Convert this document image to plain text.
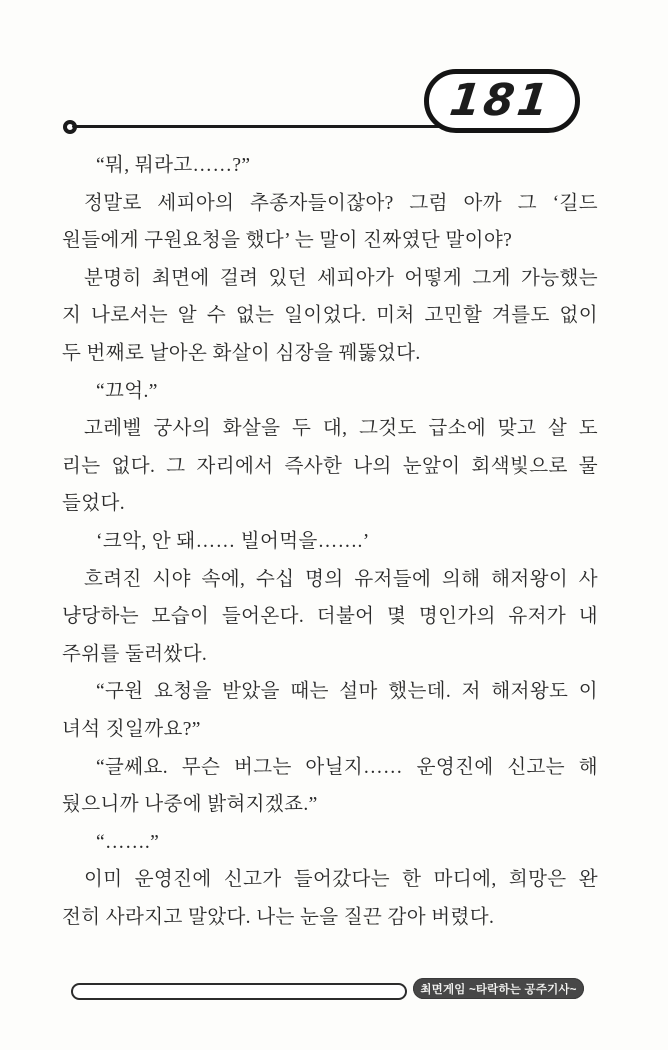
181
“뭐, 뭐라고……?”
정말로 세피아의 추종자들이잖아? 그럼 아까 그 ‘길드
원들에게 구원요청을 했다’ 는 말이 진짜였단 말이야?
분명히 최면에 걸려 있던 세피아가 어떻게 그게 가능했는
지 나로서는 알 수 없는 일이었다. 미처 고민할 겨를도 없이
두 번째로 날아온 화살이 심장을 꿰뚫었다.
“끄억.”
고레벨 궁사의 화살을 두 대, 그것도 급소에 맞고 살 도
리는 없다. 그 자리에서 즉사한 나의 눈앞이 회색빛으로 물
들었다.
‘크악, 안 돼…… 빌어먹을…….’
흐려진 시야 속에, 수십 명의 유저들에 의해 해저왕이 사
냥당하는 모습이 들어온다. 더불어 몇 명인가의 유저가 내
주위를 둘러쌌다.
“구원 요청을 받았을 때는 설마 했는데. 저 해저왕도 이
녀석 짓일까요?”
“글쎄요. 무슨 버그는 아닐지…… 운영진에 신고는 해
뒀으니까 나중에 밝혀지겠죠.”
“…….”
이미 운영진에 신고가 들어갔다는 한 마디에, 희망은 완
전히 사라지고 말았다. 나는 눈을 질끈 감아 버렸다.
최면게임 ~타락하는 공주기사~
